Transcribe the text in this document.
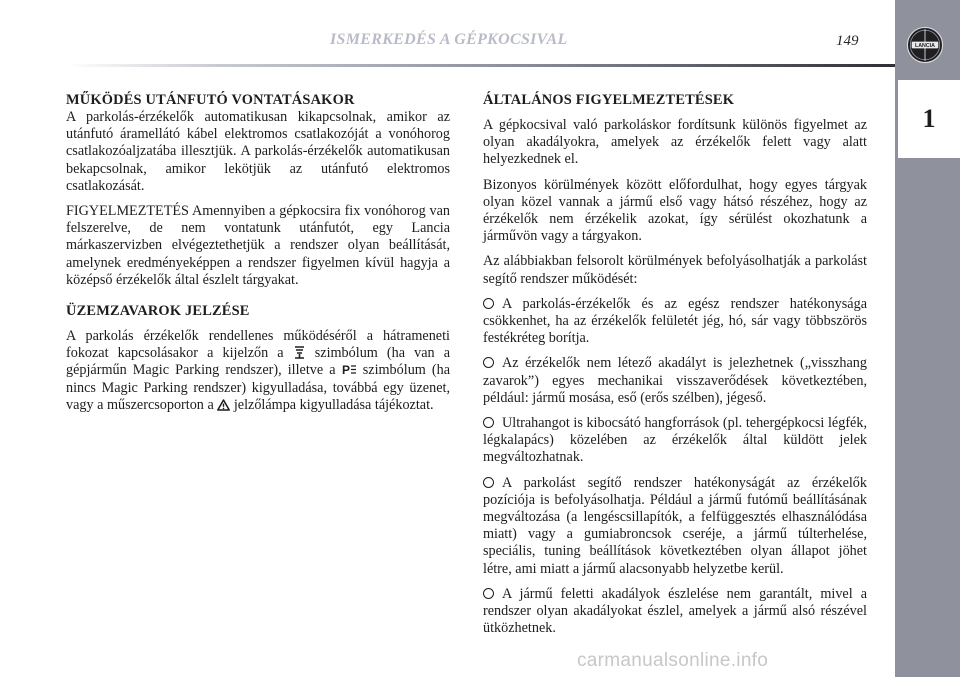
ISMERKEDÉS A GÉPKOCSIVAL	149	LANCIA
1
MŰKÖDÉS UTÁNFUTÓ VONTATÁSAKOR

A parkolás-érzékelők automatikusan kikapcsolnak, amikor az utánfutó áramellátó kábel elektromos csatlakozóját a vonóhorog csatlakozóaljzatába illesztjük. A parkolás-érzékelők automatikusan bekapcsolnak, amikor lekötjük az utánfutó elektromos csatlakozását.

FIGYELMEZTETÉS Amennyiben a gépkocsira fix vonóhorog van felszerelve, de nem vontatunk utánfutót, egy Lancia márkaszervizben elvégeztethetjük a rendszer olyan beállítását, amelynek eredményeképpen a rendszer figyelmen kívül hagyja a középső érzékelők által észlelt tárgyakat.

ÜZEMZAVAROK JELZÉSE

A parkolás érzékelők rendellenes működéséről a hátrameneti fokozat kapcsolásakor a kijelzőn a szimbólum (ha van a gépjárműn Magic Parking rendszer), illetve a P szimbólum (ha nincs Magic Parking rendszer) kigyulladása, továbbá egy üzenet, vagy a műszercsoporton a jelzőlámpa kigyulladása tájékoztat.

ÁLTALÁNOS FIGYELMEZTETÉSEK

A gépkocsival való parkoláskor fordítsunk különös figyelmet az olyan akadályokra, amelyek az érzékelők felett vagy alatt helyezkednek el.

Bizonyos körülmények között előfordulhat, hogy egyes tárgyak olyan közel vannak a jármű első vagy hátsó részéhez, hogy az érzékelők nem érzékelik azokat, így sérülést okozhatunk a járművön vagy a tárgyakon.

Az alábbiakban felsorolt körülmények befolyásolhatják a parkolást segítő rendszer működését:

A parkolás-érzékelők és az egész rendszer hatékonysága csökkenhet, ha az érzékelők felületét jég, hó, sár vagy többszörös festékréteg borítja.

Az érzékelők nem létező akadályt is jelezhetnek („visszhang zavarok”) egyes mechanikai visszaverődések következtében, például: jármű mosása, eső (erős szélben), jégeső.

Ultrahangot is kibocsátó hangforrások (pl. tehergépkocsi légfék, légkalapács) közelében az érzékelők által küldött jelek megváltozhatnak.

A parkolást segítő rendszer hatékonyságát az érzékelők pozíciója is befolyásolhatja. Például a jármű futómű beállításának megváltozása (a lengéscsillapítók, a felfüggesztés elhasználódása miatt) vagy a gumiabroncsok cseréje, a jármű túlterhelése, speciális, tuning beállítások következtében olyan állapot jöhet létre, ami miatt a jármű alacsonyabb helyzetbe kerül.

A jármű feletti akadályok észlelése nem garantált, mivel a rendszer olyan akadályokat észlel, amelyek a jármű alsó részével ütközhetnek.

carmanualsonline.info
